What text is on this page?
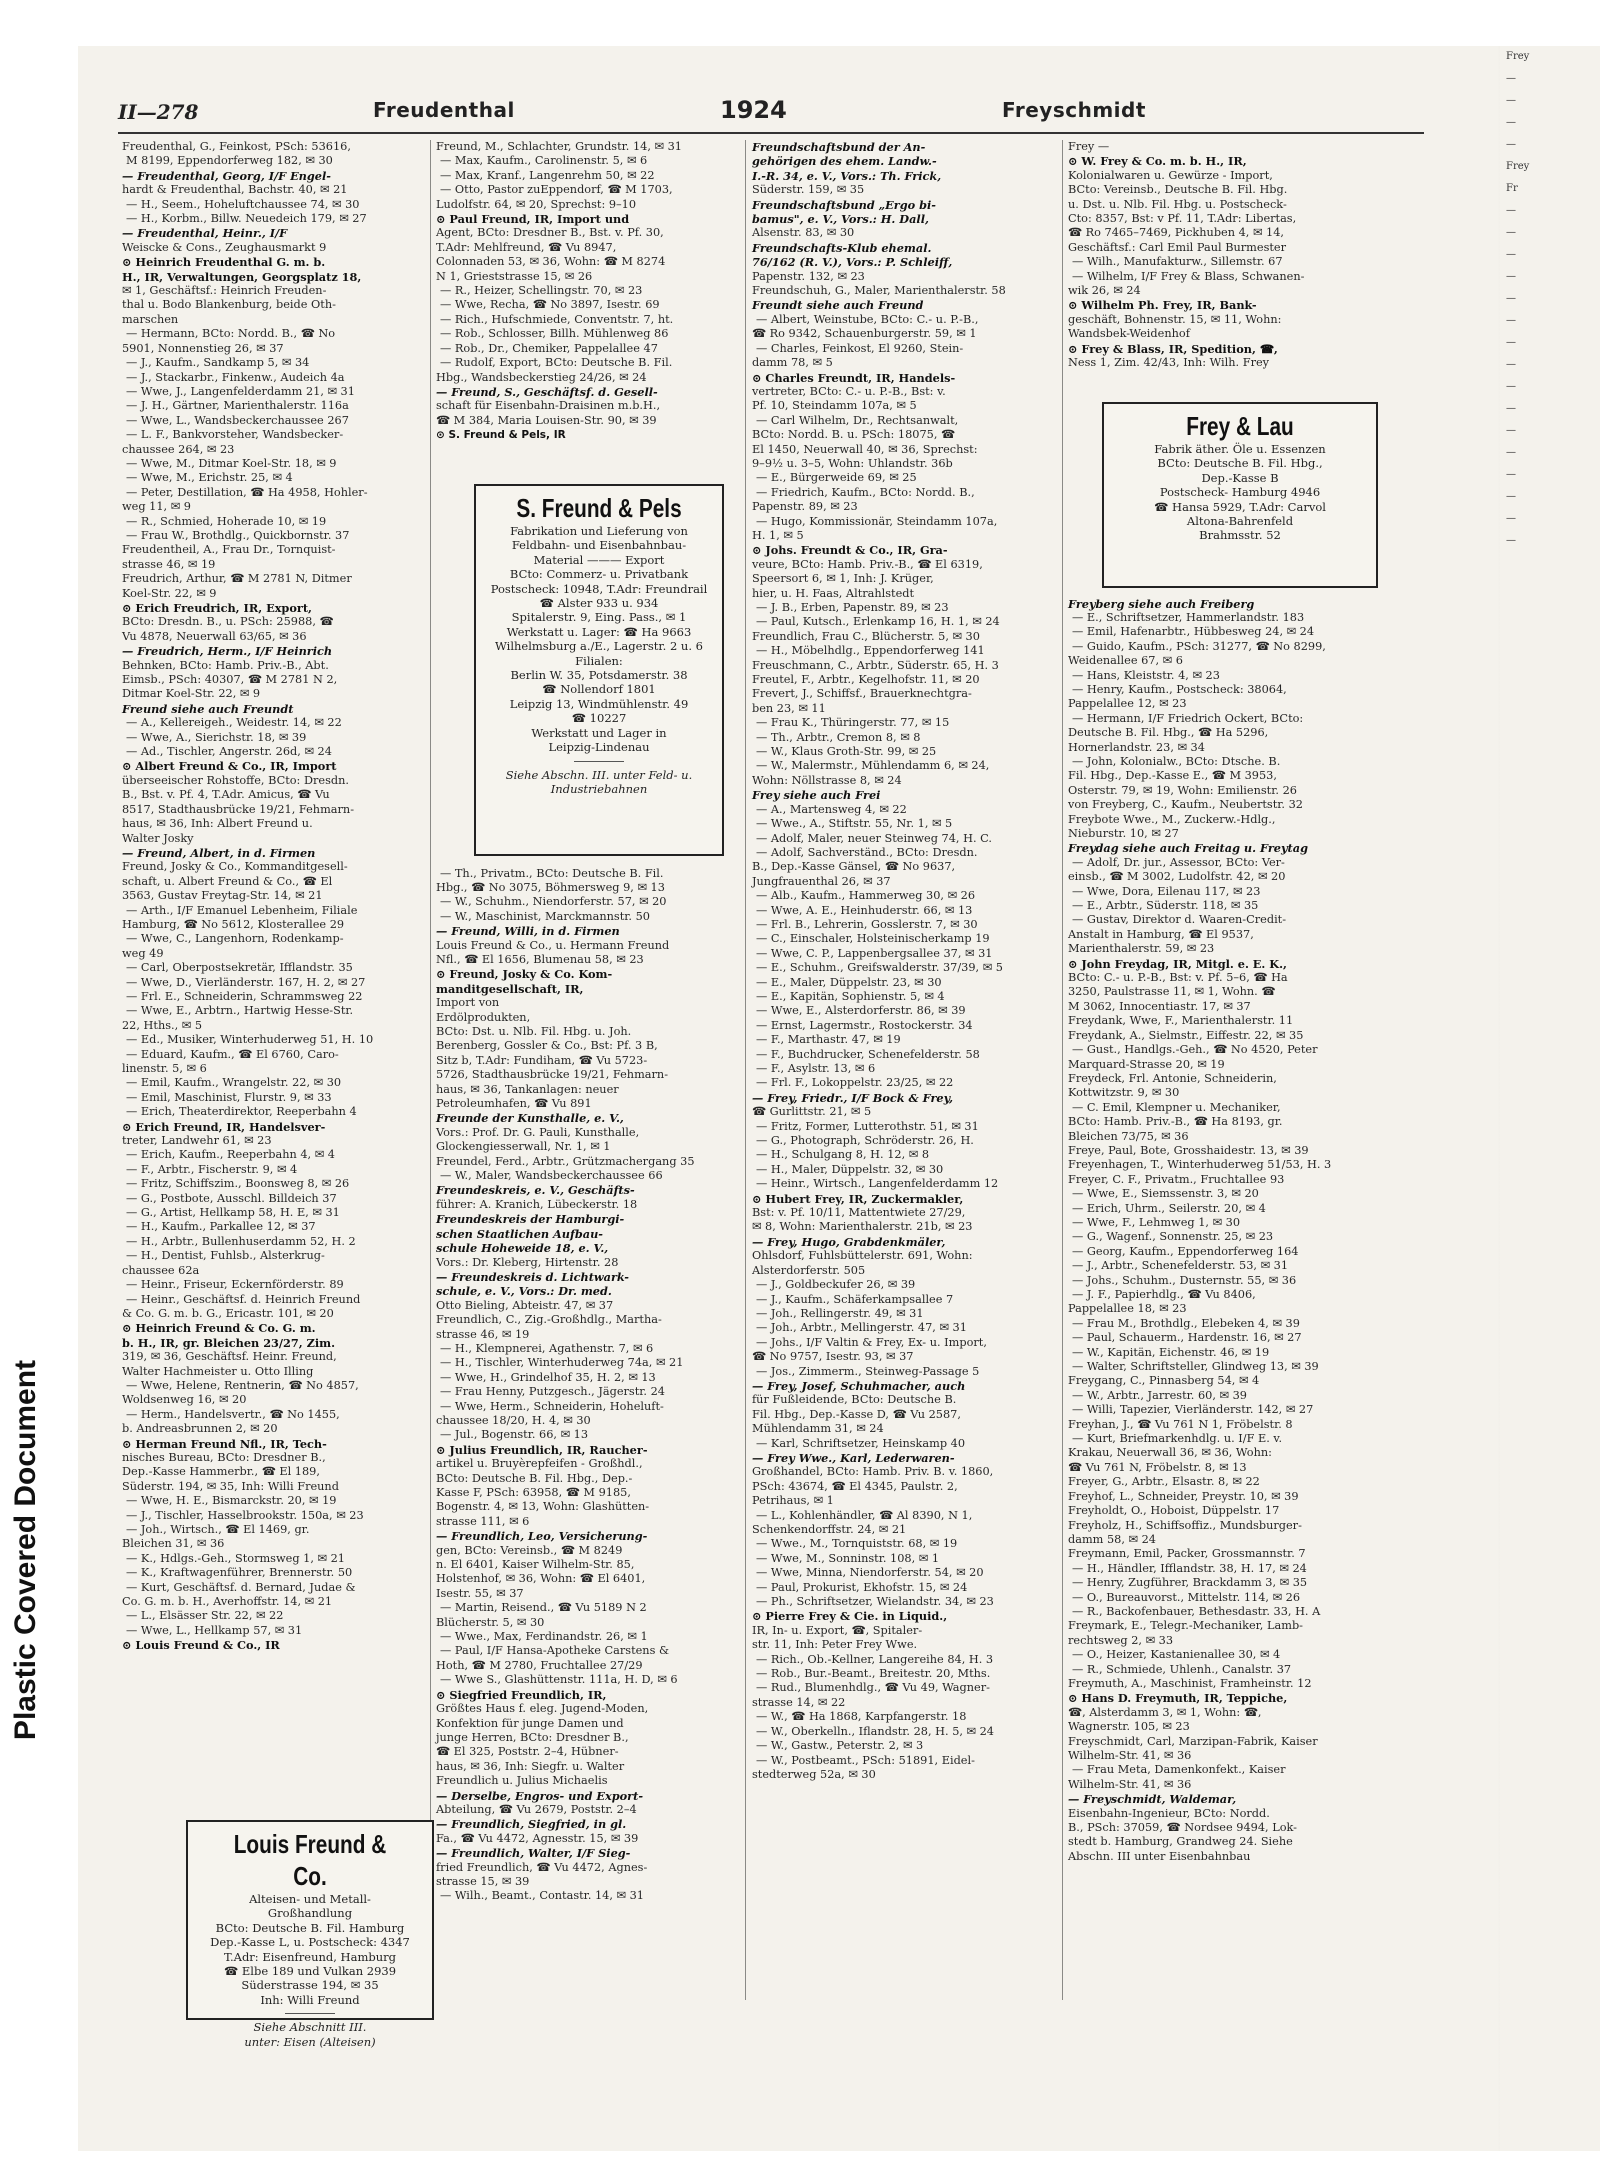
Frey
—
—
—
—
Frey
Fr
—
—
—
—
—
—
—
—
—
—
—
—
—
—
—
—
Plastic Covered Document
II—278	Freudenthal	1924	Freyschmidt
Freudenthal, G., Feinkost, PSch: 53616,
M 8199, Eppendorferweg 182, ✉ 30
— Freudenthal, Georg, I/F Engel-
hardt & Freudenthal, Bachstr. 40, ✉ 21
— H., Seem., Hoheluftchaussee 74, ✉ 30
— H., Korbm., Billw. Neuedeich 179, ✉ 27
— Freudenthal, Heinr., I/F
Weiscke & Cons., Zeughausmarkt 9
⊙ Heinrich Freudenthal G. m. b.
H., IR, Verwaltungen, Georgsplatz 18,
✉ 1, Geschäftsf.: Heinrich Freuden-
thal u. Bodo Blankenburg, beide Oth-
marschen
— Hermann, BCto: Nordd. B., ☎ No
5901, Nonnenstieg 26, ✉ 37
— J., Kaufm., Sandkamp 5, ✉ 34
— J., Stackarbr., Finkenw., Audeich 4a
— Wwe, J., Langenfelderdamm 21, ✉ 31
— J. H., Gärtner, Marienthalerstr. 116a
— Wwe, L., Wandsbeckerchaussee 267
— L. F., Bankvorsteher, Wandsbecker-
chaussee 264, ✉ 23
— Wwe, M., Ditmar Koel-Str. 18, ✉ 9
— Wwe, M., Erichstr. 25, ✉ 4
— Peter, Destillation, ☎ Ha 4958, Hohler-
weg 11, ✉ 9
— R., Schmied, Hoherade 10, ✉ 19
— Frau W., Brothdlg., Quickbornstr. 37
Freudentheil, A., Frau Dr., Tornquist-
strasse 46, ✉ 19
Freudrich, Arthur, ☎ M 2781 N, Ditmer
Koel-Str. 22, ✉ 9
⊙ Erich Freudrich, IR, Export,
BCto: Dresdn. B., u. PSch: 25988, ☎
Vu 4878, Neuerwall 63/65, ✉ 36
— Freudrich, Herm., I/F Heinrich
Behnken, BCto: Hamb. Priv.-B., Abt.
Eimsb., PSch: 40307, ☎ M 2781 N 2,
Ditmar Koel-Str. 22, ✉ 9
Freund siehe auch Freundt
— A., Kellereigeh., Weidestr. 14, ✉ 22
— Wwe, A., Sierichstr. 18, ✉ 39
— Ad., Tischler, Angerstr. 26d, ✉ 24
⊙ Albert Freund & Co., IR, Import
überseeischer Rohstoffe, BCto: Dresdn.
B., Bst. v. Pf. 4, T.Adr. Amicus, ☎ Vu
8517, Stadthausbrücke 19/21, Fehmarn-
haus, ✉ 36, Inh: Albert Freund u.
Walter Josky
— Freund, Albert, in d. Firmen
Freund, Josky & Co., Kommanditgesell-
schaft, u. Albert Freund & Co., ☎ El
3563, Gustav Freytag-Str. 14, ✉ 21
— Arth., I/F Emanuel Lebenheim, Filiale
Hamburg, ☎ No 5612, Klosterallee 29
— Wwe, C., Langenhorn, Rodenkamp-
weg 49
— Carl, Oberpostsekretär, Ifflandstr. 35
— Wwe, D., Vierländerstr. 167, H. 2, ✉ 27
— Frl. E., Schneiderin, Schrammsweg 22
— Wwe, E., Arbtrn., Hartwig Hesse-Str.
22, Hths., ✉ 5
— Ed., Musiker, Winterhuderweg 51, H. 10
— Eduard, Kaufm., ☎ El 6760, Caro-
linenstr. 5, ✉ 6
— Emil, Kaufm., Wrangelstr. 22, ✉ 30
— Emil, Maschinist, Flurstr. 9, ✉ 33
— Erich, Theaterdirektor, Reeperbahn 4
⊙ Erich Freund, IR, Handelsver-
treter, Landwehr 61, ✉ 23
— Erich, Kaufm., Reeperbahn 4, ✉ 4
— F., Arbtr., Fischerstr. 9, ✉ 4
— Fritz, Schiffszim., Boonsweg 8, ✉ 26
— G., Postbote, Ausschl. Billdeich 37
— G., Artist, Hellkamp 58, H. E, ✉ 31
— H., Kaufm., Parkallee 12, ✉ 37
— H., Arbtr., Bullenhuserdamm 52, H. 2
— H., Dentist, Fuhlsb., Alsterkrug-
chaussee 62a
— Heinr., Friseur, Eckernförderstr. 89
— Heinr., Geschäftsf. d. Heinrich Freund
& Co. G. m. b. G., Ericastr. 101, ✉ 20
⊙ Heinrich Freund & Co. G. m.
b. H., IR, gr. Bleichen 23/27, Zim.
319, ✉ 36, Geschäftsf. Heinr. Freund,
Walter Hachmeister u. Otto Illing
— Wwe, Helene, Rentnerin, ☎ No 4857,
Woldsenweg 16, ✉ 20
— Herm., Handelsvertr., ☎ No 1455,
b. Andreasbrunnen 2, ✉ 20
⊙ Herman Freund Nfl., IR, Tech-
nisches Bureau, BCto: Dresdner B.,
Dep.-Kasse Hammerbr., ☎ El 189,
Süderstr. 194, ✉ 35, Inh: Willi Freund
— Wwe, H. E., Bismarckstr. 20, ✉ 19
— J., Tischler, Hasselbrookstr. 150a, ✉ 23
— Joh., Wirtsch., ☎ El 1469, gr.
Bleichen 31, ✉ 36
— K., Hdlgs.-Geh., Stormsweg 1, ✉ 21
— K., Kraftwagenführer, Brennerstr. 50
— Kurt, Geschäftsf. d. Bernard, Judae &
Co. G. m. b. H., Averhoffstr. 14, ✉ 21
— L., Elsässer Str. 22, ✉ 22
— Wwe, L., Hellkamp 57, ✉ 31
⊙ Louis Freund & Co., IR
Freund, M., Schlachter, Grundstr. 14, ✉ 31
— Max, Kaufm., Carolinenstr. 5, ✉ 6
— Max, Kranf., Langenrehm 50, ✉ 22
— Otto, Pastor zuEppendorf, ☎ M 1703,
Ludolfstr. 64, ✉ 20, Sprechst: 9–10
⊙ Paul Freund, IR, Import und
Agent, BCto: Dresdner B., Bst. v. Pf. 30,
T.Adr: Mehlfreund, ☎ Vu 8947,
Colonnaden 53, ✉ 36, Wohn: ☎ M 8274
N 1, Grieststrasse 15, ✉ 26
— R., Heizer, Schellingstr. 70, ✉ 23
— Wwe, Recha, ☎ No 3897, Isestr. 69
— Rich., Hufschmiede, Conventstr. 7, ht.
— Rob., Schlosser, Billh. Mühlenweg 86
— Rob., Dr., Chemiker, Pappelallee 47
— Rudolf, Export, BCto: Deutsche B. Fil.
Hbg., Wandsbeckerstieg 24/26, ✉ 24
— Freund, S., Geschäftsf. d. Gesell-
schaft für Eisenbahn-Draisinen m.b.H.,
☎ M 384, Maria Louisen-Str. 90, ✉ 39
⊙ S. Freund & Pels, IR
— Th., Privatm., BCto: Deutsche B. Fil.
Hbg., ☎ No 3075, Böhmersweg 9, ✉ 13
— W., Schuhm., Niendorferstr. 57, ✉ 20
— W., Maschinist, Marckmannstr. 50
— Freund, Willi, in d. Firmen
Louis Freund & Co., u. Hermann Freund
Nfl., ☎ El 1656, Blumenau 58, ✉ 23
⊙ Freund, Josky & Co. Kom-
manditgesellschaft, IR,
Import von
Erdölprodukten,
BCto: Dst. u. Nlb. Fil. Hbg. u. Joh.
Berenberg, Gossler & Co., Bst: Pf. 3 B,
Sitz b, T.Adr: Fundiham, ☎ Vu 5723-
5726, Stadthausbrücke 19/21, Fehmarn-
haus, ✉ 36, Tankanlagen: neuer
Petroleumhafen, ☎ Vu 891
Freunde der Kunsthalle, e. V.,
Vors.: Prof. Dr. G. Pauli, Kunsthalle,
Glockengiesserwall, Nr. 1, ✉ 1
Freundel, Ferd., Arbtr., Grützmachergang 35
— W., Maler, Wandsbeckerchaussee 66
Freundeskreis, e. V., Geschäfts-
führer: A. Kranich, Lübeckerstr. 18
Freundeskreis der Hamburgi-
schen Staatlichen Aufbau-
schule Hoheweide 18, e. V.,
Vors.: Dr. Kleberg, Hirtenstr. 28
— Freundeskreis d. Lichtwark-
schule, e. V., Vors.: Dr. med.
Otto Bieling, Abteistr. 47, ✉ 37
Freundlich, C., Zig.-Großhdlg., Martha-
strasse 46, ✉ 19
— H., Klempnerei, Agathenstr. 7, ✉ 6
— H., Tischler, Winterhuderweg 74a, ✉ 21
— Wwe, H., Grindelhof 35, H. 2, ✉ 13
— Frau Henny, Putzgesch., Jägerstr. 24
— Wwe, Herm., Schneiderin, Hoheluft-
chaussee 18/20, H. 4, ✉ 30
— Jul., Bogenstr. 66, ✉ 13
⊙ Julius Freundlich, IR, Raucher-
artikel u. Bruyèrepfeifen - Großhdl.,
BCto: Deutsche B. Fil. Hbg., Dep.-
Kasse F, PSch: 63958, ☎ M 9185,
Bogenstr. 4, ✉ 13, Wohn: Glashütten-
strasse 111, ✉ 6
— Freundlich, Leo, Versicherung-
gen, BCto: Vereinsb., ☎ M 8249
n. El 6401, Kaiser Wilhelm-Str. 85,
Holstenhof, ✉ 36, Wohn: ☎ El 6401,
Isestr. 55, ✉ 37
— Martin, Reisend., ☎ Vu 5189 N 2
Blücherstr. 5, ✉ 30
— Wwe., Max, Ferdinandstr. 26, ✉ 1
— Paul, I/F Hansa-Apotheke Carstens &
Hoth, ☎ M 2780, Fruchtallee 27/29
— Wwe S., Glashüttenstr. 111a, H. D, ✉ 6
⊙ Siegfried Freundlich, IR,
Größtes Haus f. eleg. Jugend-Moden,
Konfektion für junge Damen und
junge Herren, BCto: Dresdner B.,
☎ El 325, Poststr. 2–4, Hübner-
haus, ✉ 36, Inh: Siegfr. u. Walter
Freundlich u. Julius Michaelis
— Derselbe, Engros- und Export-
Abteilung, ☎ Vu 2679, Poststr. 2–4
— Freundlich, Siegfried, in gl.
Fa., ☎ Vu 4472, Agnesstr. 15, ✉ 39
— Freundlich, Walter, I/F Sieg-
fried Freundlich, ☎ Vu 4472, Agnes-
strasse 15, ✉ 39
— Wilh., Beamt., Contastr. 14, ✉ 31
Freundschaftsbund der An-
gehörigen des ehem. Landw.-
I.-R. 34, e. V., Vors.: Th. Frick,
Süderstr. 159, ✉ 35
Freundschaftsbund „Ergo bi-
bamus", e. V., Vors.: H. Dall,
Alsenstr. 83, ✉ 30
Freundschafts-Klub ehemal.
76/162 (R. V.), Vors.: P. Schleiff,
Papenstr. 132, ✉ 23
Freundschuh, G., Maler, Marienthalerstr. 58
Freundt siehe auch Freund
— Albert, Weinstube, BCto: C.- u. P.-B.,
☎ Ro 9342, Schauenburgerstr. 59, ✉ 1
— Charles, Feinkost, El 9260, Stein-
damm 78, ✉ 5
⊙ Charles Freundt, IR, Handels-
vertreter, BCto: C.- u. P.-B., Bst: v.
Pf. 10, Steindamm 107a, ✉ 5
— Carl Wilhelm, Dr., Rechtsanwalt,
BCto: Nordd. B. u. PSch: 18075, ☎
El 1450, Neuerwall 40, ✉ 36, Sprechst:
9–9½ u. 3–5, Wohn: Uhlandstr. 36b
— E., Bürgerweide 69, ✉ 25
— Friedrich, Kaufm., BCto: Nordd. B.,
Papenstr. 89, ✉ 23
— Hugo, Kommissionär, Steindamm 107a,
H. 1, ✉ 5
⊙ Johs. Freundt & Co., IR, Gra-
veure, BCto: Hamb. Priv.-B., ☎ El 6319,
Speersort 6, ✉ 1, Inh: J. Krüger,
hier, u. H. Faas, Altrahlstedt
— J. B., Erben, Papenstr. 89, ✉ 23
— Paul, Kutsch., Erlenkamp 16, H. 1, ✉ 24
Freundlich, Frau C., Blücherstr. 5, ✉ 30
— H., Möbelhdlg., Eppendorferweg 141
Freuschmann, C., Arbtr., Süderstr. 65, H. 3
Freutel, F., Arbtr., Kegelhofstr. 11, ✉ 20
Frevert, J., Schiffsf., Brauerknechtgra-
ben 23, ✉ 11
— Frau K., Thüringerstr. 77, ✉ 15
— Th., Arbtr., Cremon 8, ✉ 8
— W., Klaus Groth-Str. 99, ✉ 25
— W., Malermstr., Mühlendamm 6, ✉ 24,
Wohn: Nöllstrasse 8, ✉ 24
Frey siehe auch Frei
— A., Martensweg 4, ✉ 22
— Wwe., A., Stiftstr. 55, Nr. 1, ✉ 5
— Adolf, Maler, neuer Steinweg 74, H. C.
— Adolf, Sachverständ., BCto: Dresdn.
B., Dep.-Kasse Gänsel, ☎ No 9637,
Jungfrauenthal 26, ✉ 37
— Alb., Kaufm., Hammerweg 30, ✉ 26
— Wwe, A. E., Heinhuderstr. 66, ✉ 13
— Frl. B., Lehrerin, Gosslerstr. 7, ✉ 30
— C., Einschaler, Holsteinischerkamp 19
— Wwe, C. P., Lappenbergsallee 37, ✉ 31
— E., Schuhm., Greifswalderstr. 37/39, ✉ 5
— E., Maler, Düppelstr. 23, ✉ 30
— E., Kapitän, Sophienstr. 5, ✉ 4
— Wwe, E., Alsterdorferstr. 86, ✉ 39
— Ernst, Lagermstr., Rostockerstr. 34
— F., Marthastr. 47, ✉ 19
— F., Buchdrucker, Schenefelderstr. 58
— F., Asylstr. 13, ✉ 6
— Frl. F., Lokoppelstr. 23/25, ✉ 22
— Frey, Friedr., I/F Bock & Frey,
☎ Gurlittstr. 21, ✉ 5
— Fritz, Former, Lutterothstr. 51, ✉ 31
— G., Photograph, Schröderstr. 26, H.
— H., Schulgang 8, H. 12, ✉ 8
— H., Maler, Düppelstr. 32, ✉ 30
— Heinr., Wirtsch., Langenfelderdamm 12
⊙ Hubert Frey, IR, Zuckermakler,
Bst: v. Pf. 10/11, Mattentwiete 27/29,
✉ 8, Wohn: Marienthalerstr. 21b, ✉ 23
— Frey, Hugo, Grabdenkmäler,
Ohlsdorf, Fuhlsbüttelerstr. 691, Wohn:
Alsterdorferstr. 505
— J., Goldbeckufer 26, ✉ 39
— J., Kaufm., Schäferkampsallee 7
— Joh., Rellingerstr. 49, ✉ 31
— Joh., Arbtr., Mellingerstr. 47, ✉ 31
— Johs., I/F Valtin & Frey, Ex- u. Import,
☎ No 9757, Isestr. 93, ✉ 37
— Jos., Zimmerm., Steinweg-Passage 5
— Frey, Josef, Schuhmacher, auch
für Fußleidende, BCto: Deutsche B.
Fil. Hbg., Dep.-Kasse D, ☎ Vu 2587,
Mühlendamm 31, ✉ 24
— Karl, Schriftsetzer, Heinskamp 40
— Frey Wwe., Karl, Lederwaren-
Großhandel, BCto: Hamb. Priv. B. v. 1860,
PSch: 43674, ☎ El 4345, Paulstr. 2,
Petrihaus, ✉ 1
— L., Kohlenhändler, ☎ Al 8390, N 1,
Schenkendorffstr. 24, ✉ 21
— Wwe., M., Tornquiststr. 68, ✉ 19
— Wwe, M., Sonninstr. 108, ✉ 1
— Wwe, Minna, Niendorferstr. 54, ✉ 20
— Paul, Prokurist, Ekhofstr. 15, ✉ 24
— Ph., Schriftsetzer, Wielandstr. 34, ✉ 23
⊙ Pierre Frey & Cie. in Liquid.,
IR, In- u. Export, ☎, Spitaler-
str. 11, Inh: Peter Frey Wwe.
— Rich., Ob.-Kellner, Langereihe 84, H. 3
— Rob., Bur.-Beamt., Breitestr. 20, Mths.
— Rud., Blumenhdlg., ☎ Vu 49, Wagner-
strasse 14, ✉ 22
— W., ☎ Ha 1868, Karpfangerstr. 18
— W., Oberkelln., Iflandstr. 28, H. 5, ✉ 24
— W., Gastw., Peterstr. 2, ✉ 3
— W., Postbeamt., PSch: 51891, Eidel-
stedterweg 52a, ✉ 30
Frey —
⊙ W. Frey & Co. m. b. H., IR,
Kolonialwaren u. Gewürze - Import,
BCto: Vereinsb., Deutsche B. Fil. Hbg.
u. Dst. u. Nlb. Fil. Hbg. u. Postscheck-
Cto: 8357, Bst: v Pf. 11, T.Adr: Libertas,
☎ Ro 7465–7469, Pickhuben 4, ✉ 14,
Geschäftsf.: Carl Emil Paul Burmester
— Wilh., Manufakturw., Sillemstr. 67
— Wilhelm, I/F Frey & Blass, Schwanen-
wik 26, ✉ 24
⊙ Wilhelm Ph. Frey, IR, Bank-
geschäft, Bohnenstr. 15, ✉ 11, Wohn:
Wandsbek-Weidenhof
⊙ Frey & Blass, IR, Spedition, ☎,
Ness 1, Zim. 42/43, Inh: Wilh. Frey
Freyberg siehe auch Freiberg
— E., Schriftsetzer, Hammerlandstr. 183
— Emil, Hafenarbtr., Hübbesweg 24, ✉ 24
— Guido, Kaufm., PSch: 31277, ☎ No 8299,
Weidenallee 67, ✉ 6
— Hans, Kleiststr. 4, ✉ 23
— Henry, Kaufm., Postscheck: 38064,
Pappelallee 12, ✉ 23
— Hermann, I/F Friedrich Ockert, BCto:
Deutsche B. Fil. Hbg., ☎ Ha 5296,
Hornerlandstr. 23, ✉ 34
— John, Kolonialw., BCto: Dtsche. B.
Fil. Hbg., Dep.-Kasse E., ☎ M 3953,
Osterstr. 79, ✉ 19, Wohn: Emilienstr. 26
von Freyberg, C., Kaufm., Neubertstr. 32
Freybote Wwe., M., Zuckerw.-Hdlg.,
Nieburstr. 10, ✉ 27
Freydag siehe auch Freitag u. Freytag
— Adolf, Dr. jur., Assessor, BCto: Ver-
einsb., ☎ M 3002, Ludolfstr. 42, ✉ 20
— Wwe, Dora, Eilenau 117, ✉ 23
— E., Arbtr., Süderstr. 118, ✉ 35
— Gustav, Direktor d. Waaren-Credit-
Anstalt in Hamburg, ☎ El 9537,
Marienthalerstr. 59, ✉ 23
⊙ John Freydag, IR, Mitgl. e. E. K.,
BCto: C.- u. P.-B., Bst: v. Pf. 5–6, ☎ Ha
3250, Paulstrasse 11, ✉ 1, Wohn. ☎
M 3062, Innocentiastr. 17, ✉ 37
Freydank, Wwe, F., Marienthalerstr. 11
Freydank, A., Sielmstr., Eiffestr. 22, ✉ 35
— Gust., Handlgs.-Geh., ☎ No 4520, Peter
Marquard-Strasse 20, ✉ 19
Freydeck, Frl. Antonie, Schneiderin,
Kottwitzstr. 9, ✉ 30
— C. Emil, Klempner u. Mechaniker,
BCto: Hamb. Priv.-B., ☎ Ha 8193, gr.
Bleichen 73/75, ✉ 36
Freye, Paul, Bote, Grosshaidestr. 13, ✉ 39
Freyenhagen, T., Winterhuderweg 51/53, H. 3
Freyer, C. F., Privatm., Fruchtallee 93
— Wwe, E., Siemssenstr. 3, ✉ 20
— Erich, Uhrm., Seilerstr. 20, ✉ 4
— Wwe, F., Lehmweg 1, ✉ 30
— G., Wagenf., Sonnenstr. 25, ✉ 23
— Georg, Kaufm., Eppendorferweg 164
— J., Arbtr., Schenefelderstr. 53, ✉ 31
— Johs., Schuhm., Dusternstr. 55, ✉ 36
— J. F., Papierhdlg., ☎ Vu 8406,
Pappelallee 18, ✉ 23
— Frau M., Brothdlg., Elebeken 4, ✉ 39
— Paul, Schauerm., Hardenstr. 16, ✉ 27
— W., Kapitän, Eichenstr. 46, ✉ 19
— Walter, Schriftsteller, Glindweg 13, ✉ 39
Freygang, C., Pinnasberg 54, ✉ 4
— W., Arbtr., Jarrestr. 60, ✉ 39
— Willi, Tapezier, Vierländerstr. 142, ✉ 27
Freyhan, J., ☎ Vu 761 N 1, Fröbelstr. 8
— Kurt, Briefmarkenhdlg. u. I/F E. v.
Krakau, Neuerwall 36, ✉ 36, Wohn:
☎ Vu 761 N, Fröbelstr. 8, ✉ 13
Freyer, G., Arbtr., Elsastr. 8, ✉ 22
Freyhof, L., Schneider, Preystr. 10, ✉ 39
Freyholdt, O., Hoboist, Düppelstr. 17
Freyholz, H., Schiffsoffiz., Mundsburger-
damm 58, ✉ 24
Freymann, Emil, Packer, Grossmannstr. 7
— H., Händler, Ifflandstr. 38, H. 17, ✉ 24
— Henry, Zugführer, Brackdamm 3, ✉ 35
— O., Bureauvorst., Mittelstr. 114, ✉ 26
— R., Backofenbauer, Bethesdastr. 33, H. A
Freymark, E., Telegr.-Mechaniker, Lamb-
rechtsweg 2, ✉ 33
— O., Heizer, Kastanienallee 30, ✉ 4
— R., Schmiede, Uhlenh., Canalstr. 37
Freymuth, A., Maschinist, Framheinstr. 12
⊙ Hans D. Freymuth, IR, Teppiche,
☎, Alsterdamm 3, ✉ 1, Wohn: ☎,
Wagnerstr. 105, ✉ 23
Freyschmidt, Carl, Marzipan-Fabrik, Kaiser
Wilhelm-Str. 41, ✉ 36
— Frau Meta, Damenkonfekt., Kaiser
Wilhelm-Str. 41, ✉ 36
— Freyschmidt, Waldemar,
Eisenbahn-Ingenieur, BCto: Nordd.
B., PSch: 37059, ☎ Nordsee 9494, Lok-
stedt b. Hamburg, Grandweg 24. Siehe
Abschn. III unter Eisenbahnbau
S. Freund & Pels
Fabrikation und Lieferung von
Feldbahn- und Eisenbahnbau-
Material ——— Export
BCto: Commerz- u. Privatbank
Postscheck: 10948, T.Adr: Freundrail
☎ Alster 933 u. 934
Spitalerstr. 9, Eing. Pass., ✉ 1
Werkstatt u. Lager: ☎ Ha 9663
Wilhelmsburg a./E., Lagerstr. 2 u. 6
Filialen:
Berlin W. 35, Potsdamerstr. 38
☎ Nollendorf 1801
Leipzig 13, Windmühlenstr. 49
☎ 10227
Werkstatt und Lager in
Leipzig-Lindenau
Siehe Abschn. III. unter Feld- u.
Industriebahnen
Louis Freund & Co.
Alteisen- und Metall-
Großhandlung
BCto: Deutsche B. Fil. Hamburg
Dep.-Kasse L, u. Postscheck: 4347
T.Adr: Eisenfreund, Hamburg
☎ Elbe 189 und Vulkan 2939
Süderstrasse 194, ✉ 35
Inh: Willi Freund
Siehe Abschnitt III.
unter: Eisen (Alteisen)
Frey & Lau
Fabrik äther. Öle u. Essenzen
BCto: Deutsche B. Fil. Hbg.,
Dep.-Kasse B
Postscheck- Hamburg 4946
☎ Hansa 5929, T.Adr: Carvol
Altona-Bahrenfeld
Brahmsstr. 52
